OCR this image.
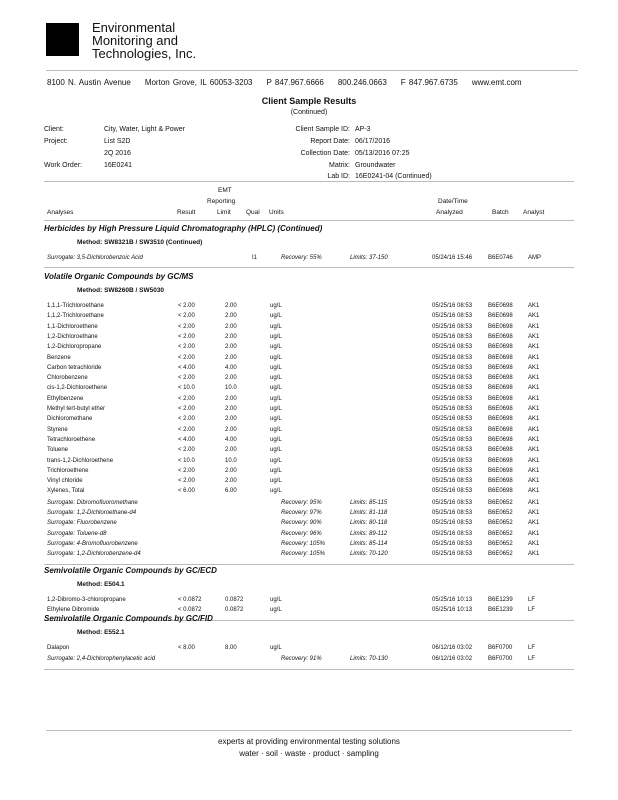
Environmental
Monitoring and
Technologies, Inc.
8100 N. Austin Avenue Morton Grove, IL 60053-3203 P 847.967.6666 800.246.0663 F 847.967.6735 www.emt.com
Client Sample Results
(Continued)
Client:	City, Water, Light & Power
Project:	List S2D
2Q 2016
Work Order:	16E0241
Client Sample ID: AP-3
Report Date: 06/17/2016
Collection Date: 05/13/2016 07:25
Matrix: Groundwater
Lab ID: 16E0241-04 (Continued)
Analyses	Result
EMT
Reporting
Limit Qual Units
Date/Time
Analyzed	Batch Analyst
Herbicides by High Pressure Liquid Chromatography (HPLC) (Continued)
Method: SW8321B / SW3510 (Continued)
Surrogate: 3,5-Dichlorobenzoic Acid	I1	Recovery: 55%	Limits: 37-150	05/24/16 15:46	B6E0746	AMP
Volatile Organic Compounds by GC/MS
Method: SW8260B / SW5030
1,1,1-Trichloroethane	< 2.00	2.00	ug/L	05/25/16 08:53	B6E0698	AK1
1,1,2-Trichloroethane	< 2.00	2.00	ug/L	05/25/16 08:53	B6E0698	AK1
1,1-Dichloroethene	< 2.00	2.00	ug/L	05/25/16 08:53	B6E0698	AK1
1,2-Dichloroethane	< 2.00	2.00	ug/L	05/25/16 08:53	B6E0698	AK1
1,2-Dichloropropane	< 2.00	2.00	ug/L	05/25/16 08:53	B6E0698	AK1
Benzene	< 2.00	2.00	ug/L	05/25/16 08:53	B6E0698	AK1
Carbon tetrachloride	< 4.00	4.00	ug/L	05/25/16 08:53	B6E0698	AK1
Chlorobenzene	< 2.00	2.00	ug/L	05/25/16 08:53	B6E0698	AK1
cis-1,2-Dichloroethene	< 10.0	10.0	ug/L	05/25/16 08:53	B6E0698	AK1
Ethylbenzene	< 2.00	2.00	ug/L	05/25/16 08:53	B6E0698	AK1
Methyl tert-butyl ether	< 2.00	2.00	ug/L	05/25/16 08:53	B6E0698	AK1
Dichloromethane	< 2.00	2.00	ug/L	05/25/16 08:53	B6E0698	AK1
Styrene	< 2.00	2.00	ug/L	05/25/16 08:53	B6E0698	AK1
Tetrachloroethene	< 4.00	4.00	ug/L	05/25/16 08:53	B6E0698	AK1
Toluene	< 2.00	2.00	ug/L	05/25/16 08:53	B6E0698	AK1
trans-1,2-Dichloroethene	< 10.0	10.0	ug/L	05/25/16 08:53	B6E0698	AK1
Trichloroethene	< 2.00	2.00	ug/L	05/25/16 08:53	B6E0698	AK1
Vinyl chloride	< 2.00	2.00	ug/L	05/25/16 08:53	B6E0698	AK1
Xylenes, Total	< 6.00	6.00	ug/L	05/25/16 08:53	B6E0698	AK1
Surrogate: Dibromofluoromethane	Recovery: 95%	Limits: 85-115	05/25/16 08:53	B6E0652	AK1
Surrogate: 1,2-Dichloroethane-d4	Recovery: 97%	Limits: 81-118	05/25/16 08:53	B6E0652	AK1
Surrogate: Fluorobenzene	Recovery: 90%	Limits: 80-118	05/25/16 08:53	B6E0652	AK1
Surrogate: Toluene-d8	Recovery: 96%	Limits: 89-112	05/25/16 08:53	B6E0652	AK1
Surrogate: 4-Bromofluorobenzene	Recovery: 105%	Limits: 85-114	05/25/16 08:53	B6E0652	AK1
Surrogate: 1,2-Dichlorobenzene-d4	Recovery: 105%	Limits: 70-120	05/25/16 08:53	B6E0652	AK1
Semivolatile Organic Compounds by GC/ECD
Method: E504.1
1,2-Dibromo-3-chloropropane	< 0.0872	0.0872	ug/L	05/25/16 10:13	B6E1239	LF
Ethylene Dibromide	< 0.0872	0.0872	ug/L	05/25/16 10:13	B6E1239	LF
Semivolatile Organic Compounds by GC/FID
Method: E552.1
Dalapon	< 8.00	8.00	ug/L	06/12/16 03:02	B6F0700	LF
Surrogate: 2,4-Dichlorophenylacetic acid	Recovery: 91%	Limits: 70-130	06/12/16 03:02	B6F0700	LF
experts at providing environmental testing solutions
water · soil · waste · product · sampling
